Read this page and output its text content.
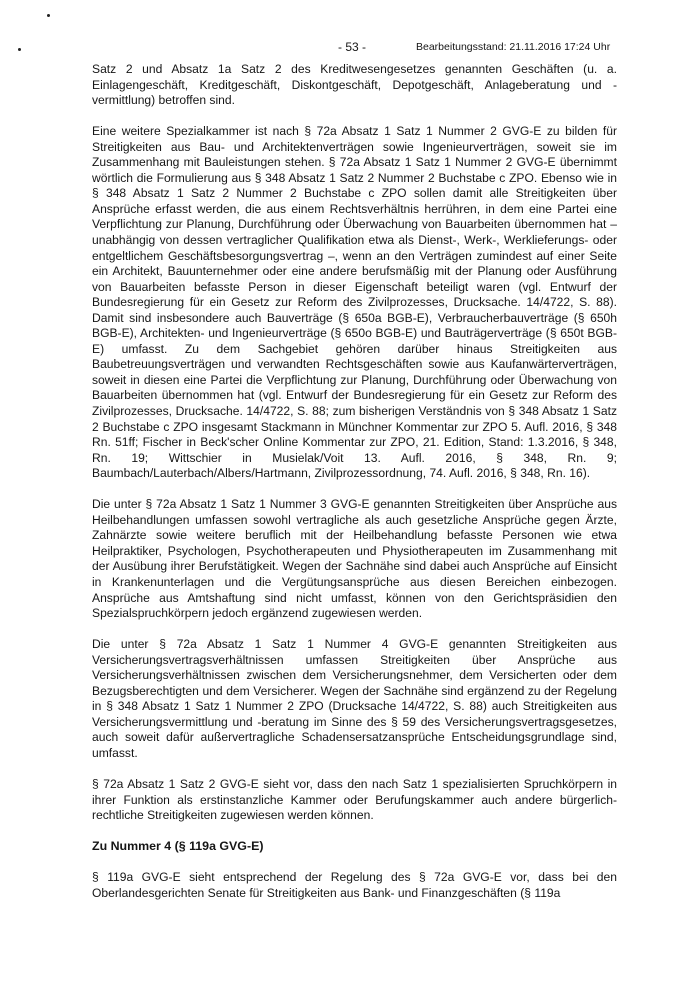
- 53 -	Bearbeitungsstand: 21.11.2016 17:24 Uhr

Satz 2 und Absatz 1a Satz 2 des Kreditwesengesetzes genannten Geschäften (u. a. Einlagengeschäft, Kreditgeschäft, Diskontgeschäft, Depotgeschäft, Anlageberatung und -vermittlung) betroffen sind.

Eine weitere Spezialkammer ist nach § 72a Absatz 1 Satz 1 Nummer 2 GVG-E zu bilden für Streitigkeiten aus Bau- und Architektenverträgen sowie Ingenieurverträgen, soweit sie im Zusammenhang mit Bauleistungen stehen. § 72a Absatz 1 Satz 1 Nummer 2 GVG-E übernimmt wörtlich die Formulierung aus § 348 Absatz 1 Satz 2 Nummer 2 Buchstabe c ZPO. Ebenso wie in § 348 Absatz 1 Satz 2 Nummer 2 Buchstabe c ZPO sollen damit alle Streitigkeiten über Ansprüche erfasst werden, die aus einem Rechtsverhältnis herrühren, in dem eine Partei eine Verpflichtung zur Planung, Durchführung oder Überwachung von Bauarbeiten übernommen hat – unabhängig von dessen vertraglicher Qualifikation etwa als Dienst-, Werk-, Werklieferungs- oder entgeltlichem Geschäftsbesorgungsvertrag –, wenn an den Verträgen zumindest auf einer Seite ein Architekt, Bauunternehmer oder eine andere berufsmäßig mit der Planung oder Ausführung von Bauarbeiten befasste Person in dieser Eigenschaft beteiligt waren (vgl. Entwurf der Bundesregierung für ein Gesetz zur Reform des Zivilprozesses, Drucksache. 14/4722, S. 88). Damit sind insbesondere auch Bauverträge (§ 650a BGB-E), Verbraucherbauverträge (§ 650h BGB-E), Architekten- und Ingenieurverträge (§ 650o BGB-E) und Bauträgerverträge (§ 650t BGB-E) umfasst. Zu dem Sachgebiet gehören darüber hinaus Streitigkeiten aus Baubetreuungsverträgen und verwandten Rechtsgeschäften sowie aus Kaufanwärterverträgen, soweit in diesen eine Partei die Verpflichtung zur Planung, Durchführung oder Überwachung von Bauarbeiten übernommen hat (vgl. Entwurf der Bundesregierung für ein Gesetz zur Reform des Zivilprozesses, Drucksache. 14/4722, S. 88; zum bisherigen Verständnis von § 348 Absatz 1 Satz 2 Buchstabe c ZPO insgesamt Stackmann in Münchner Kommentar zur ZPO 5. Aufl. 2016, § 348 Rn. 51ff; Fischer in Beck'scher Online Kommentar zur ZPO, 21. Edition, Stand: 1.3.2016, § 348, Rn. 19; Wittschier in Musielak/Voit 13. Aufl. 2016, § 348, Rn. 9; Baumbach/Lauterbach/Albers/Hartmann, Zivilprozessordnung, 74. Aufl. 2016, § 348, Rn. 16).

Die unter § 72a Absatz 1 Satz 1 Nummer 3 GVG-E genannten Streitigkeiten über Ansprüche aus Heilbehandlungen umfassen sowohl vertragliche als auch gesetzliche Ansprüche gegen Ärzte, Zahnärzte sowie weitere beruflich mit der Heilbehandlung befasste Personen wie etwa Heilpraktiker, Psychologen, Psychotherapeuten und Physiotherapeuten im Zusammenhang mit der Ausübung ihrer Berufstätigkeit. Wegen der Sachnähe sind dabei auch Ansprüche auf Einsicht in Krankenunterlagen und die Vergütungsansprüche aus diesen Bereichen einbezogen. Ansprüche aus Amtshaftung sind nicht umfasst, können von den Gerichtspräsidien den Spezialspruchkörpern jedoch ergänzend zugewiesen werden.

Die unter § 72a Absatz 1 Satz 1 Nummer 4 GVG-E genannten Streitigkeiten aus Versicherungsvertragsverhältnissen umfassen Streitigkeiten über Ansprüche aus Versicherungsverhältnissen zwischen dem Versicherungsnehmer, dem Versicherten oder dem Bezugsberechtigten und dem Versicherer. Wegen der Sachnähe sind ergänzend zu der Regelung in § 348 Absatz 1 Satz 1 Nummer 2 ZPO (Drucksache 14/4722, S. 88) auch Streitigkeiten aus Versicherungsvermittlung und -beratung im Sinne des § 59 des Versicherungsvertragsgesetzes, auch soweit dafür außervertragliche Schadensersatzansprüche Entscheidungsgrundlage sind, umfasst.

§ 72a Absatz 1 Satz 2 GVG-E sieht vor, dass den nach Satz 1 spezialisierten Spruchkörpern in ihrer Funktion als erstinstanzliche Kammer oder Berufungskammer auch andere bürgerlich-rechtliche Streitigkeiten zugewiesen werden können.

Zu Nummer 4 (§ 119a GVG-E)

§ 119a GVG-E sieht entsprechend der Regelung des § 72a GVG-E vor, dass bei den Oberlandesgerichten Senate für Streitigkeiten aus Bank- und Finanzgeschäften (§ 119a
